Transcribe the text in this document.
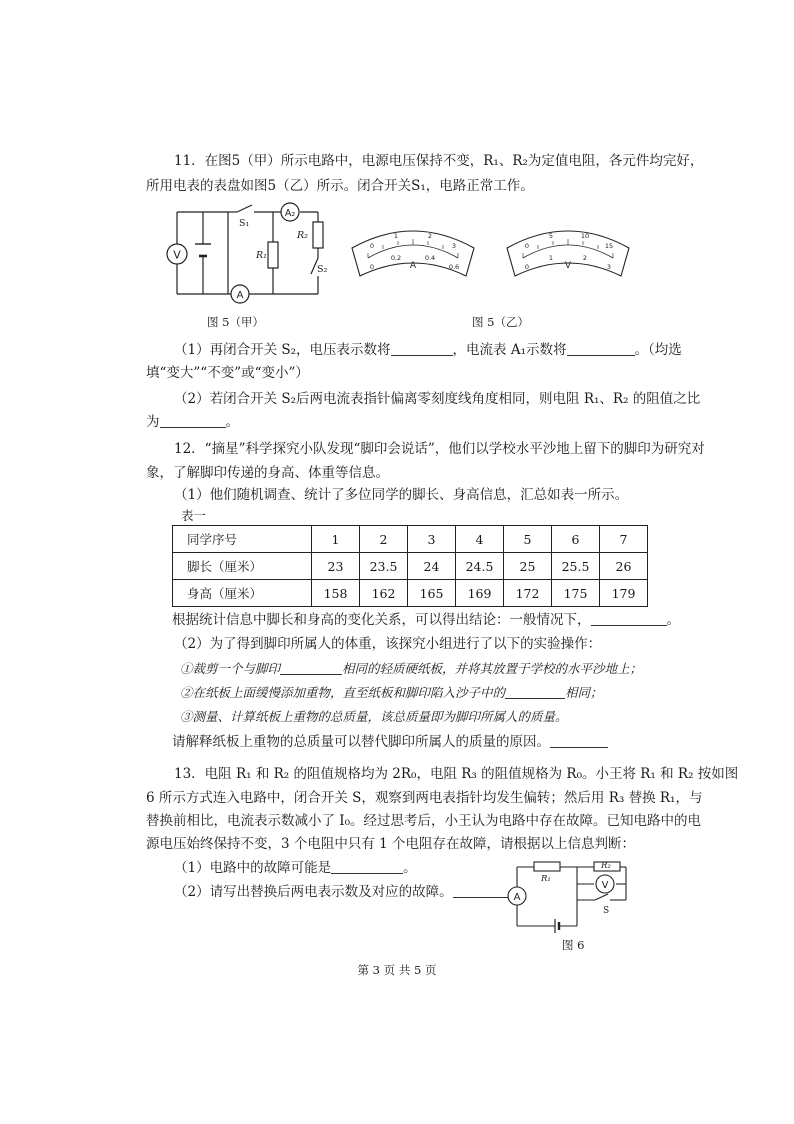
11．在图5（甲）所示电路中，电源电压保持不变，R₁、R₂为定值电阻，各元件均完好，
所用电表的表盘如图5（乙）所示。闭合开关S₁，电路正常工作。
V
A
A₂
S₁
R₁
R₂
S₂
图 5（甲）
0
1	2
3
0
0.2	0.4
0.6
A
0
5	10
15
0
1	2
3
V
图 5（乙）
（1）再闭合开关 S₂，电压表示数将	，电流表 A₁示数将	。（均选
填“变大”“不变”或“变小”）
（2）若闭合开关 S₂后两电流表指针偏离零刻度线角度相同，则电阻 R₁、R₂ 的阻值之比
为	。
12．“摘星”科学探究小队发现“脚印会说话”，他们以学校水平沙地上留下的脚印为研究对
象，了解脚印传递的身高、体重等信息。
（1）他们随机调查、统计了多位同学的脚长、身高信息，汇总如表一所示。
表一
同学序号	1	2	3	4	5	6	7
脚长（厘米）	23	23.5	24	24.5	25	25.5	26
身高（厘米）	158	162	165	169	172	175	179
根据统计信息中脚长和身高的变化关系，可以得出结论：一般情况下，	。
（2）为了得到脚印所属人的体重，该探究小组进行了以下的实验操作：
①裁剪一个与脚印	相同的轻质硬纸板，并将其放置于学校的水平沙地上；
②在纸板上面缓慢添加重物，直至纸板和脚印陷入沙子中的	相同；
③测量、计算纸板上重物的总质量，该总质量即为脚印所属人的质量。
请解释纸板上重物的总质量可以替代脚印所属人的质量的原因。
13．电阻 R₁ 和 R₂ 的阻值规格均为 2R₀，电阻 R₃ 的阻值规格为 R₀。小王将 R₁ 和 R₂ 按如图
6 所示方式连入电路中，闭合开关 S，观察到两电表指针均发生偏转；然后用 R₃ 替换 R₁，与
替换前相比，电流表示数减小了 I₀。经过思考后，小王认为电路中存在故障。已知电路中的电
源电压始终保持不变，3 个电阻中只有 1 个电阻存在故障，请根据以上信息判断：
（1）电路中的故障可能是	。
（2）请写出替换后两电表示数及对应的故障。	A
V
R₁
R₂
S
图 6
第 3 页 共 5 页
